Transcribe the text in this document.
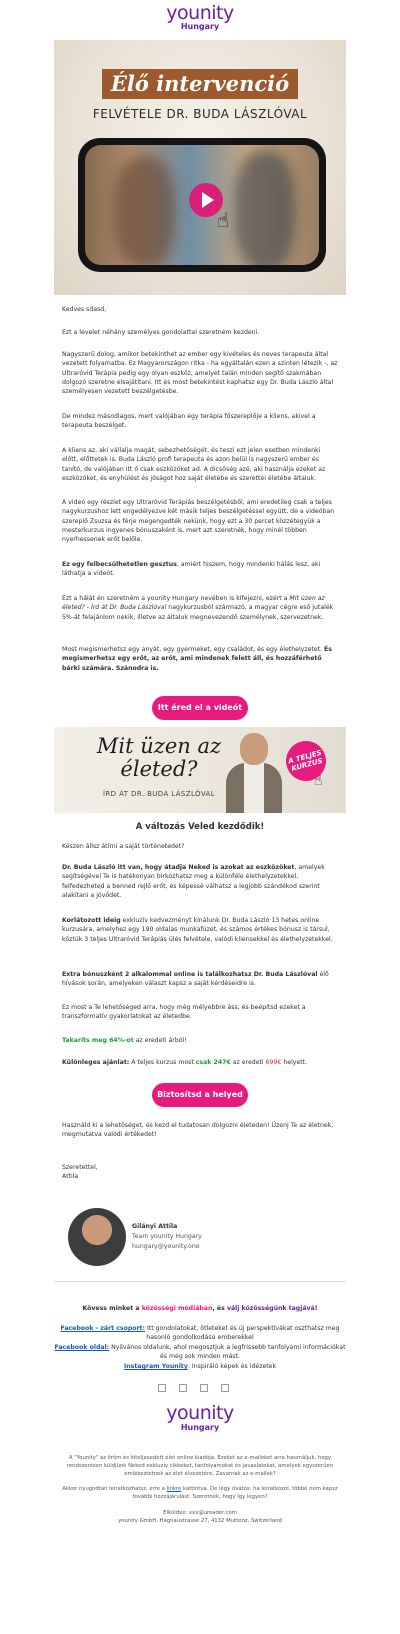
younity
Hungary
Élő intervenció
FELVÉTELE DR. BUDA LÁSZLÓVAL
☝

Kedves sdasd,

Ezt a levelet néhány személyes gondolattal szeretném kezdeni.

Nagyszerű dolog, amikor betekinthet az ember egy kivételes és neves terapeuta által vezetett folyamatba. Ez Magyarországon ritka - ha egyáltalán ezen a szinten létezik -, az Ultraróvid Terápia pedig egy olyan eszköz, amelyet talán minden segítő szakmában dolgozó szeretne elsajátítani. Itt és most betekintést kaphatsz egy Dr. Buda László által személyesen vezetett beszélgetésbe.

De mindez másodlagos, mert valójában egy terápia főszereplője a kliens, akivel a terapeuta beszélget.

A kliens az, aki vállalja magát, sebezhetőségét, és teszi ezt jelen esetben mindenki előtt, előttetek is. Buda László profi terapeuta és azon belül is nagyszerű ember és tanító, de valójában itt ő csak eszközöket ad. A dicsőség azé, aki használja ezeket az eszközöket, és enyhülést és jóságot hoz saját életébe és szerettei életébe általuk.

A videó egy részlet egy Ultraróvid Terápiás beszélgetésből, ami eredetileg csak a teljes nagykurzushoz lett engedélyezve két másik teljes beszélgetéssel együtt, de a videóban szereplő Zsuzsa és férje megengedték nekünk, hogy ezt a 30 percet közzétegyük a mesterkurzus ingyenes bónuszaként is, mert azt szeretnék, hogy minél többen nyerhessenek erőt belőle.

Ez egy felbecsülhetetlen gesztus, amiért hiszem, hogy mindenki hálás lesz, aki láthatja a videót.

Ezt a hálát én szeretném a younity Hungary nevében is kifejezni, ezért a Mit üzen az életed? - Írd át Dr. Buda Lászlóval nagykurzusból származó, a magyar cégre eső jutalék 5%-át felajánlom nekik, illetve az általuk megnevezendő személynek, szervezetnek.

Most megismerhetsz egy anyát, egy gyermeket, egy családot, és egy élethelyzetet. És megismerhetsz egy erőt, az erőt, ami mindenek felett áll, és hozzáférhető bárki számára. Szánodra is.

Itt éred el a videót
Mit üzen az életed?
ÍRD ÁT DR. BUDA LÁSZLÓVAL
A TELJES KURZUS
☝

A változás Veled kezdődik!

Készen állsz átírni a saját történetedet?

Dr. Buda László itt van, hogy átadja Neked is azokat az eszközöket, amelyek segítségével Te is hatékonyan birkózhatsz meg a különféle élethelyzetekkel, felfedezheted a benned rejlő erőt, és képessé válhatsz a legjobb szándékod szerint alakítani a jövődet.

Korlátozott ideig exkluzív kedvezményt kínálunk Dr. Buda László 13 hetes online kurzusára, amelyhez egy 190 oldalas munkafüzet, és számos értékes bónusz is társul, köztük 3 teljes Ultraróvid Terápiás ülés felvétele, valódi kliensekkel és élethelyzetekkel.

Extra bónuszként 2 alkalommal online is találkozhatsz Dr. Buda Lászlóval élő hívások során, amelyeken választ kapsz a saját kérdéseidre is.

Ez most a Te lehetőséged arra, hogy még mélyebbre áss, és beépítsd ezeket a transzformatív gyakorlatokat az életedbe.

Takaríts meg 64%-ot az eredeti árból!

Különleges ajánlat: A teljes kurzus most csak 247€ az eredeti 699€ helyett.

Biztosítsd a helyed

Használd ki a lehetőséget, és kezd el tudatosan dolgozni életeden! Üzenj Te az életnek, megmutatva valódi értékedet!

Szeretettel,

Attila

Gilányi Attila
Team younity Hungary
hungary@younity.one
Kövess minket a közösségi médiában, és válj közösségünk tagjává!
Facebook - zárt csoport: Itt gondolatokat, ötleteket és új perspektívákat oszthatsz meg hasonló gondolkodású emberekkel
Facebook oldal: Nyilvános oldalunk, ahol megosztjuk a legfrissebb tanfolyami információkat és még sok minden mást.
Instagram Younity: Inspiráló képek és idézetek
younity
Hungary

A "Younity" az öröm és kiteljesedett élet online kiadója. Ezeket az e-maileket arra használjuk, hogy rendszeresen küldjünk Neked exkluzív cikkeket, tanfolyamokat és javaslatokat, amelyek egyszerűen emlékeztetnek az élet élvezetére. Zavarnak az e-mailek?

Akkor nyugodtan leiratkozhatsz, erre a linkre kattintva. De légy óvatos: ha leiratkozol, többé nem kapsz további hozzájárulást. Szeretnék, hogy így legyen?

Elküldve: xxx@ureader.com

younity GmbH, Hagnaustrasse 27, 4132 Muttenz, Switzerland
